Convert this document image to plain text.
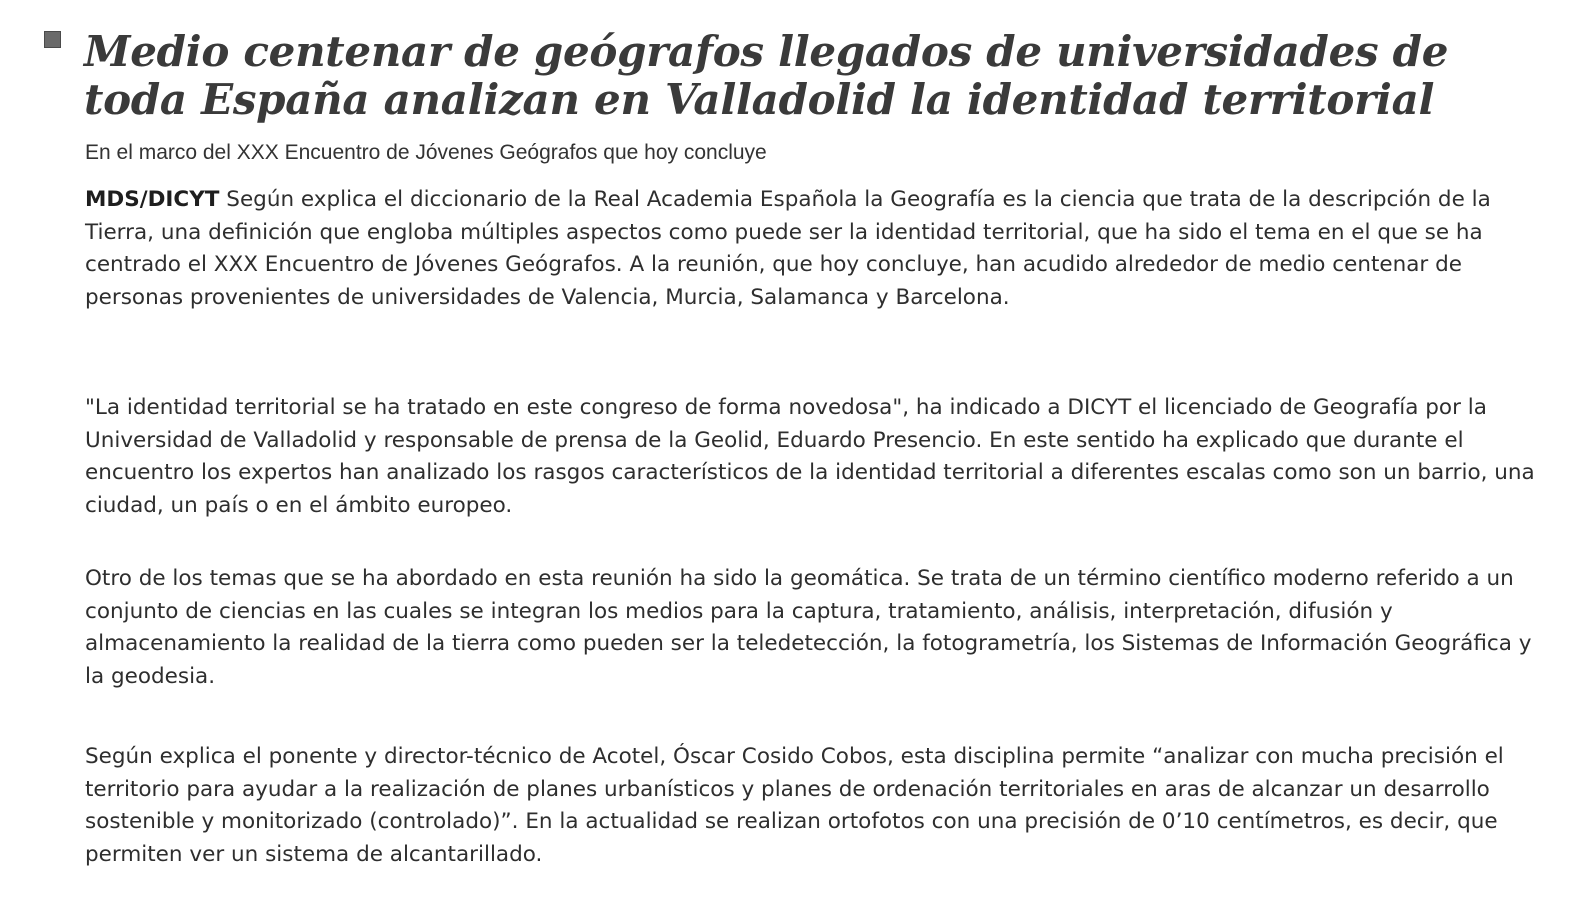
Medio centenar de geógrafos llegados de universidades de toda España analizan en Valladolid la identidad territorial

En el marco del XXX Encuentro de Jóvenes Geógrafos que hoy concluye

MDS/DICYT Según explica el diccionario de la Real Academia Española la Geografía es la ciencia que trata de la descripción de la Tierra, una definición que engloba múltiples aspectos como puede ser la identidad territorial, que ha sido el tema en el que se ha centrado el XXX Encuentro de Jóvenes Geógrafos. A la reunión, que hoy concluye, han acudido alrededor de medio centenar de personas provenientes de universidades de Valencia, Murcia, Salamanca y Barcelona.

"La identidad territorial se ha tratado en este congreso de forma novedosa", ha indicado a DICYT el licenciado de Geografía por la Universidad de Valladolid y responsable de prensa de la Geolid, Eduardo Presencio. En este sentido ha explicado que durante el encuentro los expertos han analizado los rasgos característicos de la identidad territorial a diferentes escalas como son un barrio, una ciudad, un país o en el ámbito europeo.

Otro de los temas que se ha abordado en esta reunión ha sido la geomática. Se trata de un término científico moderno referido a un conjunto de ciencias en las cuales se integran los medios para la captura, tratamiento, análisis, interpretación, difusión y almacenamiento la realidad de la tierra como pueden ser la teledetección, la fotogrametría, los Sistemas de Información Geográfica y la geodesia.

Según explica el ponente y director-técnico de Acotel, Óscar Cosido Cobos, esta disciplina permite “analizar con mucha precisión el territorio para ayudar a la realización de planes urbanísticos y planes de ordenación territoriales en aras de alcanzar un desarrollo sostenible y monitorizado (controlado)”. En la actualidad se realizan ortofotos con una precisión de 0’10 centímetros, es decir, que permiten ver un sistema de alcantarillado.
